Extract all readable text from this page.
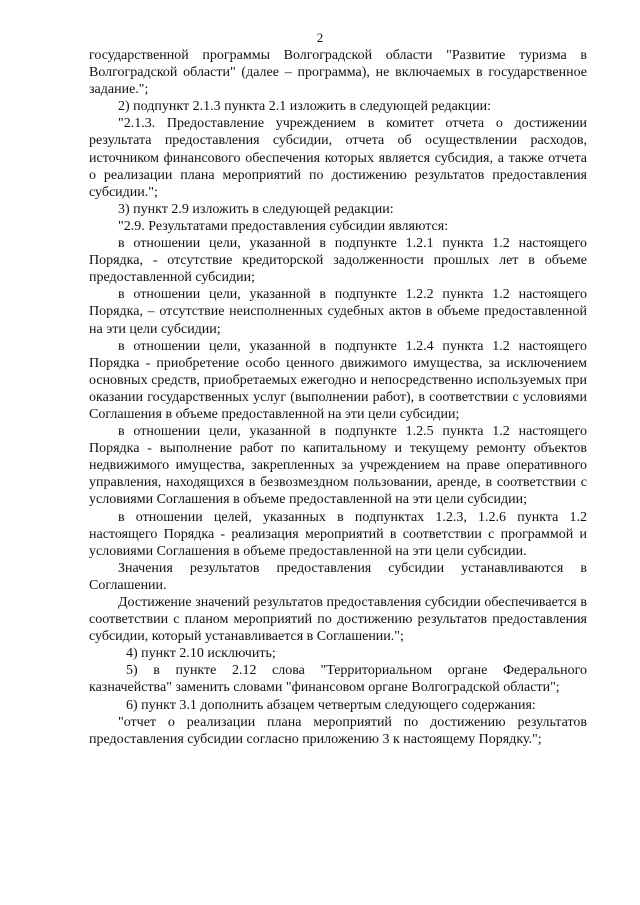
2

государственной программы Волгоградской области "Развитие туризма в Волгоградской области" (далее – программа), не включаемых в государственное задание.";

2) подпункт 2.1.3 пункта 2.1 изложить в следующей редакции:

"2.1.3. Предоставление учреждением в комитет отчета о достижении результата предоставления субсидии, отчета об осуществлении расходов, источником финансового обеспечения которых является субсидия, а также отчета о реализации плана мероприятий по достижению результатов предоставления субсидии.";

3) пункт 2.9 изложить в следующей редакции:

"2.9. Результатами предоставления субсидии являются:

в отношении цели, указанной в подпункте 1.2.1 пункта 1.2 настоящего Порядка, - отсутствие кредиторской задолженности прошлых лет в объеме предоставленной субсидии;

в отношении цели, указанной в подпункте 1.2.2 пункта 1.2 настоящего Порядка, – отсутствие неисполненных судебных актов в объеме предоставленной на эти цели субсидии;

в отношении цели, указанной в подпункте 1.2.4 пункта 1.2 настоящего Порядка - приобретение особо ценного движимого имущества, за исключением основных средств, приобретаемых ежегодно и непосредственно используемых при оказании государственных услуг (выполнении работ), в соответствии с условиями Соглашения в объеме предоставленной на эти цели субсидии;

в отношении цели, указанной в подпункте 1.2.5 пункта 1.2 настоящего Порядка - выполнение работ по капитальному и текущему ремонту объектов недвижимого имущества, закрепленных за учреждением на праве оперативного управления, находящихся в безвозмездном пользовании, аренде, в соответствии с условиями Соглашения в объеме предоставленной на эти цели субсидии;

в отношении целей, указанных в подпунктах 1.2.3, 1.2.6 пункта 1.2 настоящего Порядка - реализация мероприятий в соответствии с программой и условиями Соглашения в объеме предоставленной на эти цели субсидии.

Значения результатов предоставления субсидии устанавливаются в Соглашении.

Достижение значений результатов предоставления субсидии обеспечивается в соответствии с планом мероприятий по достижению результатов предоставления субсидии, который устанавливается в Соглашении.";

4) пункт 2.10 исключить;

5) в пункте 2.12 слова "Территориальном органе Федерального казначейства" заменить словами "финансовом органе Волгоградской области";

6) пункт 3.1 дополнить абзацем четвертым следующего содержания:

"отчет о реализации плана мероприятий по достижению результатов предоставления субсидии согласно приложению 3 к настоящему Порядку.";
